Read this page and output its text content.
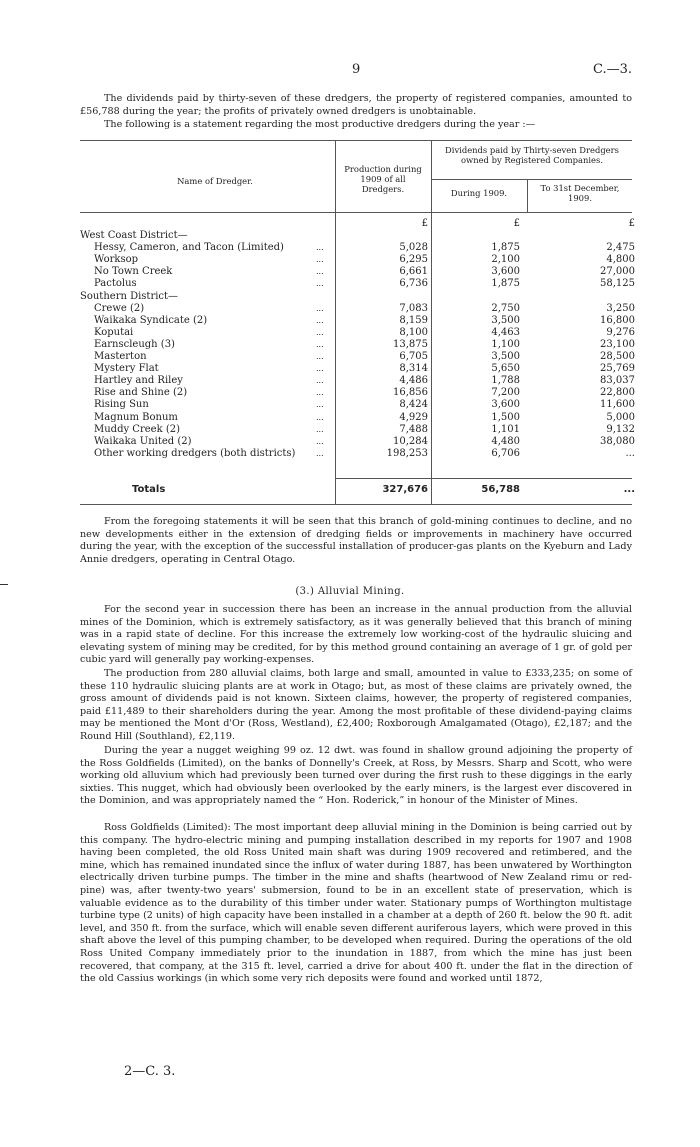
9	C.—3.
The dividends paid by thirty-seven of these dredgers, the property of registered companies, amounted to £56,788 during the year; the profits of privately owned dredgers is unobtainable.
The following is a statement regarding the most productive dredgers during the year :—
Name of Dredger.
Production during 1909 of all Dredgers.
Dividends paid by Thirty-seven Dredgers owned by Registered Companies.
During 1909.	To 31st December, 1909.
£	£	£
West Coast District—
Hessy, Cameron, and Tacon (Limited)	...	5,028	1,875	2,475
Worksop	...	6,295	2,100	4,800
No Town Creek	...	6,661	3,600	27,000
Pactolus	...	6,736	1,875	58,125
Southern District—
Crewe (2)	...	7,083	2,750	3,250
Waikaka Syndicate (2)	...	8,159	3,500	16,800
Koputai	...	8,100	4,463	9,276
Earnscleugh (3)	...	13,875	1,100	23,100
Masterton	...	6,705	3,500	28,500
Mystery Flat	...	8,314	5,650	25,769
Hartley and Riley	...	4,486	1,788	83,037
Rise and Shine (2)	...	16,856	7,200	22,800
Rising Sun	...	8,424	3,600	11,600
Magnum Bonum	...	4,929	1,500	5,000
Muddy Creek (2)	...	7,488	1,101	9,132
Waikaka United (2)	...	10,284	4,480	38,080
Other working dredgers (both districts)	...	198,253	6,706	...
Totals	327,676	56,788	...
From the foregoing statements it will be seen that this branch of gold-mining continues to decline, and no new developments either in the extension of dredging fields or improvements in machinery have occurred during the year, with the exception of the successful installation of producer-gas plants on the Kyeburn and Lady Annie dredgers, operating in Central Otago.
(3.) Alluvial Mining.
For the second year in succession there has been an increase in the annual production from the alluvial mines of the Dominion, which is extremely satisfactory, as it was generally believed that this branch of mining was in a rapid state of decline. For this increase the extremely low working-cost of the hydraulic sluicing and elevating system of mining may be credited, for by this method ground containing an average of 1 gr. of gold per cubic yard will generally pay working-expenses.
The production from 280 alluvial claims, both large and small, amounted in value to £333,235; on some of these 110 hydraulic sluicing plants are at work in Otago; but, as most of these claims are privately owned, the gross amount of dividends paid is not known. Sixteen claims, however, the property of registered companies, paid £11,489 to their shareholders during the year. Among the most profitable of these dividend-paying claims may be mentioned the Mont d'Or (Ross, Westland), £2,400; Roxborough Amalgamated (Otago), £2,187; and the Round Hill (Southland), £2,119.
During the year a nugget weighing 99 oz. 12 dwt. was found in shallow ground adjoining the property of the Ross Goldfields (Limited), on the banks of Donnelly's Creek, at Ross, by Messrs. Sharp and Scott, who were working old alluvium which had previously been turned over during the first rush to these diggings in the early sixties. This nugget, which had obviously been overlooked by the early miners, is the largest ever discovered in the Dominion, and was appropriately named the “ Hon. Roderick,” in honour of the Minister of Mines.
Ross Goldfields (Limited): The most important deep alluvial mining in the Dominion is being carried out by this company. The hydro-electric mining and pumping installation described in my reports for 1907 and 1908 having been completed, the old Ross United main shaft was during 1909 recovered and retimbered, and the mine, which has remained inundated since the influx of water during 1887, has been unwatered by Worthington electrically driven turbine pumps. The timber in the mine and shafts (heartwood of New Zealand rimu or red-pine) was, after twenty-two years' submersion, found to be in an excellent state of preservation, which is valuable evidence as to the durability of this timber under water. Stationary pumps of Worthington multistage turbine type (2 units) of high capacity have been installed in a chamber at a depth of 260 ft. below the 90 ft. adit level, and 350 ft. from the surface, which will enable seven different auriferous layers, which were proved in this shaft above the level of this pumping chamber, to be developed when required. During the operations of the old Ross United Company immediately prior to the inundation in 1887, from which the mine has just been recovered, that company, at the 315 ft. level, carried a drive for about 400 ft. under the flat in the direction of the old Cassius workings (in which some very rich deposits were found and worked until 1872,
2—C. 3.
